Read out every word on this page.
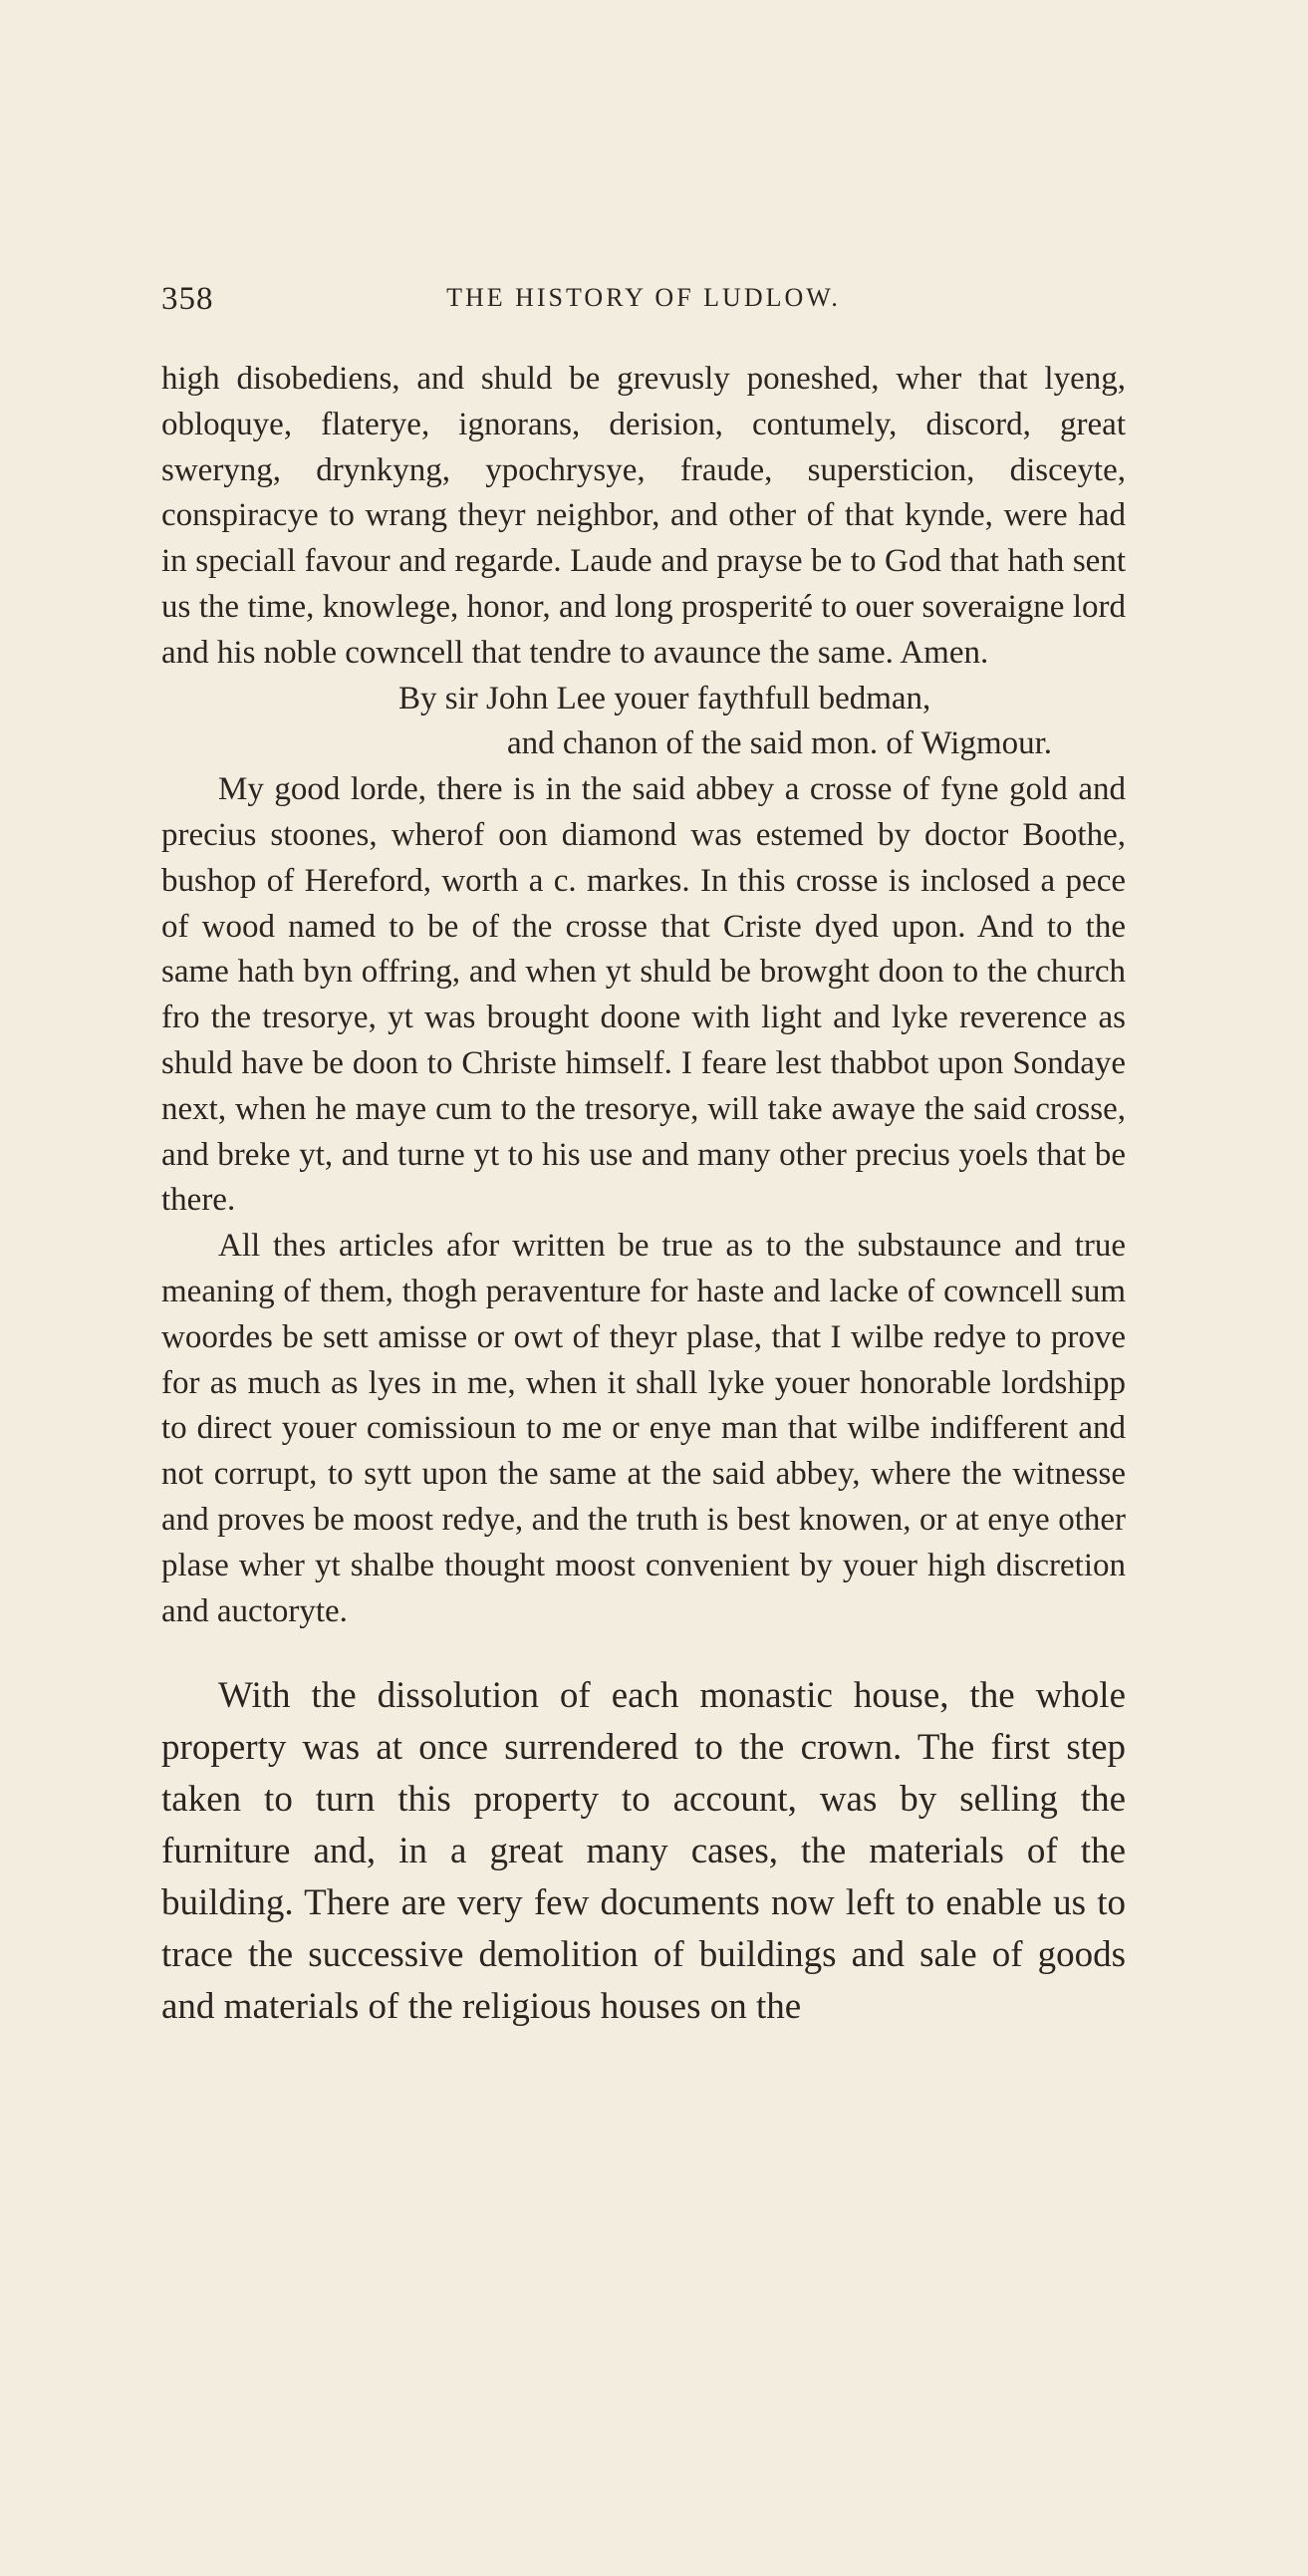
358	THE HISTORY OF LUDLOW.

high disobediens, and shuld be grevusly poneshed, wher that lyeng, obloquye, flaterye, ignorans, derision, contumely, discord, great sweryng, drynkyng, ypochrysye, fraude, supersticion, disceyte, conspiracye to wrang theyr neighbor, and other of that kynde, were had in speciall favour and regarde. Laude and prayse be to God that hath sent us the time, knowlege, honor, and long prosperité to ouer soveraigne lord and his noble cowncell that tendre to avaunce the same. Amen.

By sir John Lee youer faythfull bedman,
and chanon of the said mon. of Wigmour.

My good lorde, there is in the said abbey a crosse of fyne gold and precius stoones, wherof oon diamond was estemed by doctor Boothe, bushop of Hereford, worth a c. markes. In this crosse is inclosed a pece of wood named to be of the crosse that Criste dyed upon. And to the same hath byn offring, and when yt shuld be browght doon to the church fro the tresorye, yt was brought doone with light and lyke reverence as shuld have be doon to Christe himself. I feare lest thabbot upon Sondaye next, when he maye cum to the tresorye, will take awaye the said crosse, and breke yt, and turne yt to his use and many other precius yoels that be there.

All thes articles afor written be true as to the substaunce and true meaning of them, thogh peraventure for haste and lacke of cowncell sum woordes be sett amisse or owt of theyr plase, that I wilbe redye to prove for as much as lyes in me, when it shall lyke youer honorable lordshipp to direct youer comissioun to me or enye man that wilbe indifferent and not corrupt, to sytt upon the same at the said abbey, where the witnesse and proves be moost redye, and the truth is best knowen, or at enye other plase wher yt shalbe thought moost convenient by youer high discretion and auctoryte.

With the dissolution of each monastic house, the whole property was at once surrendered to the crown. The first step taken to turn this property to account, was by selling the furniture and, in a great many cases, the materials of the building. There are very few documents now left to enable us to trace the successive demolition of buildings and sale of goods and materials of the religious houses on the
